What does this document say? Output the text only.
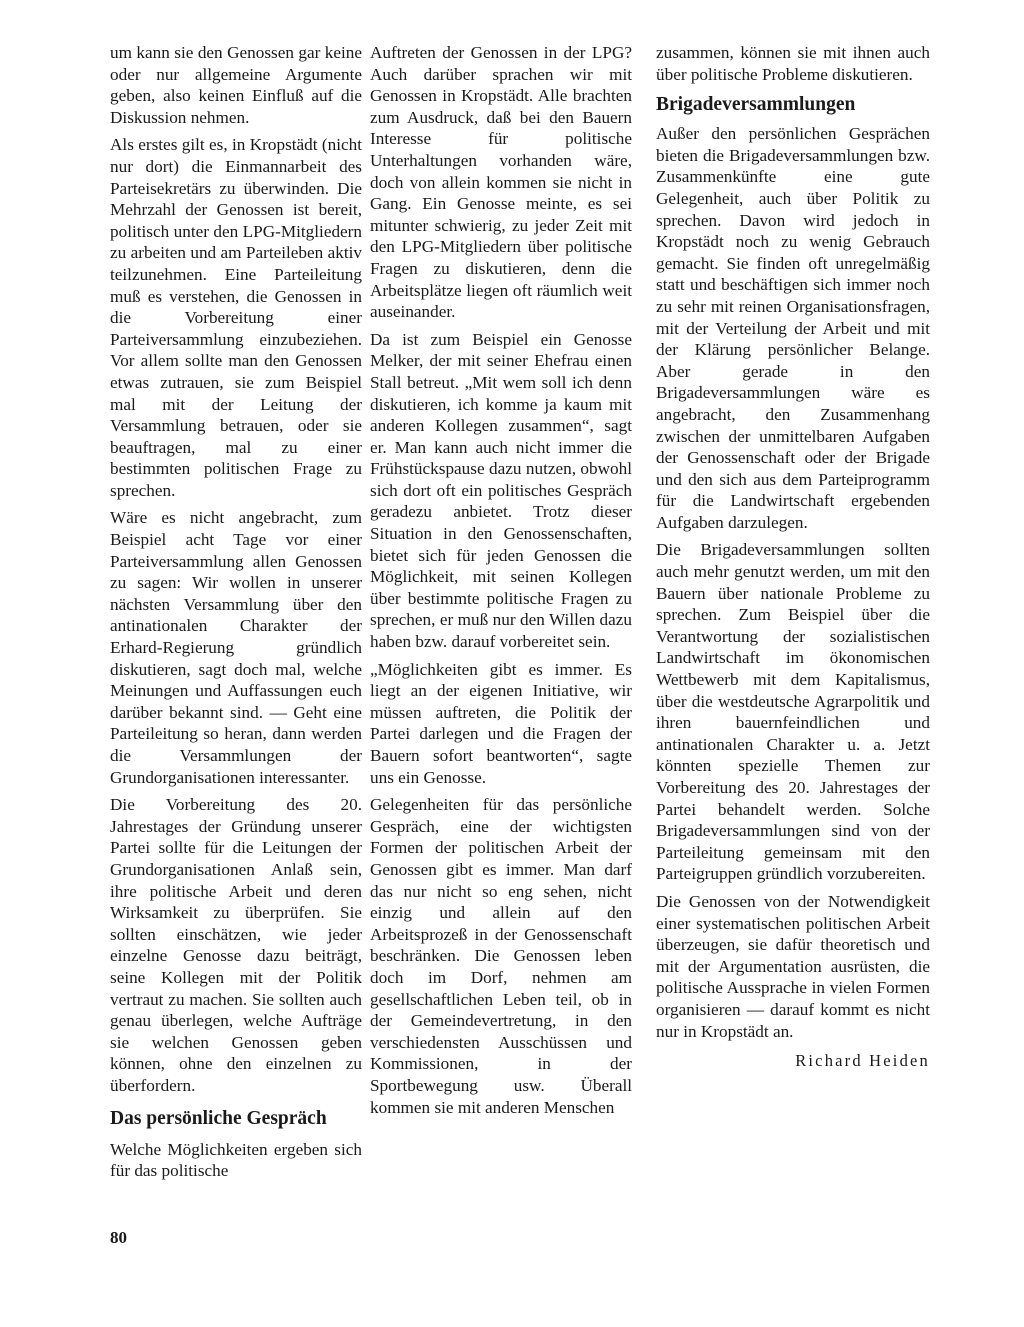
um kann sie den Genossen gar keine oder nur allgemeine Argumente geben, also keinen Einfluß auf die Diskussion nehmen.

Als erstes gilt es, in Kropstädt (nicht nur dort) die Einmannarbeit des Parteisekretärs zu überwinden. Die Mehrzahl der Genossen ist bereit, politisch unter den LPG-Mitgliedern zu arbeiten und am Parteileben aktiv teilzunehmen. Eine Parteileitung muß es verstehen, die Genossen in die Vorbereitung einer Parteiversammlung einzubeziehen. Vor allem sollte man den Genossen etwas zutrauen, sie zum Beispiel mal mit der Leitung der Versammlung betrauen, oder sie beauftragen, mal zu einer bestimmten politischen Frage zu sprechen.

Wäre es nicht angebracht, zum Beispiel acht Tage vor einer Parteiversammlung allen Genossen zu sagen: Wir wollen in unserer nächsten Versammlung über den antinationalen Charakter der Erhard-Regierung gründlich diskutieren, sagt doch mal, welche Meinungen und Auffassungen euch darüber bekannt sind. — Geht eine Parteileitung so heran, dann werden die Versammlungen der Grundorganisationen interessanter.

Die Vorbereitung des 20. Jahrestages der Gründung unserer Partei sollte für die Leitungen der Grundorganisationen Anlaß sein, ihre politische Arbeit und deren Wirksamkeit zu überprüfen. Sie sollten einschätzen, wie jeder einzelne Genosse dazu beiträgt, seine Kollegen mit der Politik vertraut zu machen. Sie sollten auch genau überlegen, welche Aufträge sie welchen Genossen geben können, ohne den einzelnen zu überfordern.

Das persönliche Gespräch

Welche Möglichkeiten ergeben sich für das politische

Auftreten der Genossen in der LPG? Auch darüber sprachen wir mit Genossen in Kropstädt. Alle brachten zum Ausdruck, daß bei den Bauern Interesse für politische Unterhaltungen vorhanden wäre, doch von allein kommen sie nicht in Gang. Ein Genosse meinte, es sei mitunter schwierig, zu jeder Zeit mit den LPG-Mitgliedern über politische Fragen zu diskutieren, denn die Arbeitsplätze liegen oft räumlich weit auseinander.

Da ist zum Beispiel ein Genosse Melker, der mit seiner Ehefrau einen Stall betreut. „Mit wem soll ich denn diskutieren, ich komme ja kaum mit anderen Kollegen zusammen“, sagt er. Man kann auch nicht immer die Frühstückspause dazu nutzen, obwohl sich dort oft ein politisches Gespräch geradezu anbietet. Trotz dieser Situation in den Genossenschaften, bietet sich für jeden Genossen die Möglichkeit, mit seinen Kollegen über bestimmte politische Fragen zu sprechen, er muß nur den Willen dazu haben bzw. darauf vorbereitet sein.

„Möglichkeiten gibt es immer. Es liegt an der eigenen Initiative, wir müssen auftreten, die Politik der Partei darlegen und die Fragen der Bauern sofort beantworten“, sagte uns ein Genosse.

Gelegenheiten für das persönliche Gespräch, eine der wichtigsten Formen der politischen Arbeit der Genossen gibt es immer. Man darf das nur nicht so eng sehen, nicht einzig und allein auf den Arbeitsprozeß in der Genossenschaft beschränken. Die Genossen leben doch im Dorf, nehmen am gesellschaftlichen Leben teil, ob in der Gemeindevertretung, in den verschiedensten Ausschüssen und Kommissionen, in der Sportbewegung usw. Überall kommen sie mit anderen Menschen

zusammen, können sie mit ihnen auch über politische Probleme diskutieren.

Brigadeversammlungen

Außer den persönlichen Gesprächen bieten die Brigadeversammlungen bzw. Zusammenkünfte eine gute Gelegenheit, auch über Politik zu sprechen. Davon wird jedoch in Kropstädt noch zu wenig Gebrauch gemacht. Sie finden oft unregelmäßig statt und beschäftigen sich immer noch zu sehr mit reinen Organisationsfragen, mit der Verteilung der Arbeit und mit der Klärung persönlicher Belange. Aber gerade in den Brigadeversammlungen wäre es angebracht, den Zusammenhang zwischen der unmittelbaren Aufgaben der Genossenschaft oder der Brigade und den sich aus dem Parteiprogramm für die Landwirtschaft ergebenden Aufgaben darzulegen.

Die Brigadeversammlungen sollten auch mehr genutzt werden, um mit den Bauern über nationale Probleme zu sprechen. Zum Beispiel über die Verantwortung der sozialistischen Landwirtschaft im ökonomischen Wettbewerb mit dem Kapitalismus, über die westdeutsche Agrarpolitik und ihren bauernfeindlichen und antinationalen Charakter u. a. Jetzt könnten spezielle Themen zur Vorbereitung des 20. Jahrestages der Partei behandelt werden. Solche Brigadeversammlungen sind von der Parteileitung gemeinsam mit den Parteigruppen gründlich vorzubereiten.

Die Genossen von der Notwendigkeit einer systematischen politischen Arbeit überzeugen, sie dafür theoretisch und mit der Argumentation ausrüsten, die politische Aussprache in vielen Formen organisieren — darauf kommt es nicht nur in Kropstädt an.

Richard Heiden
80
